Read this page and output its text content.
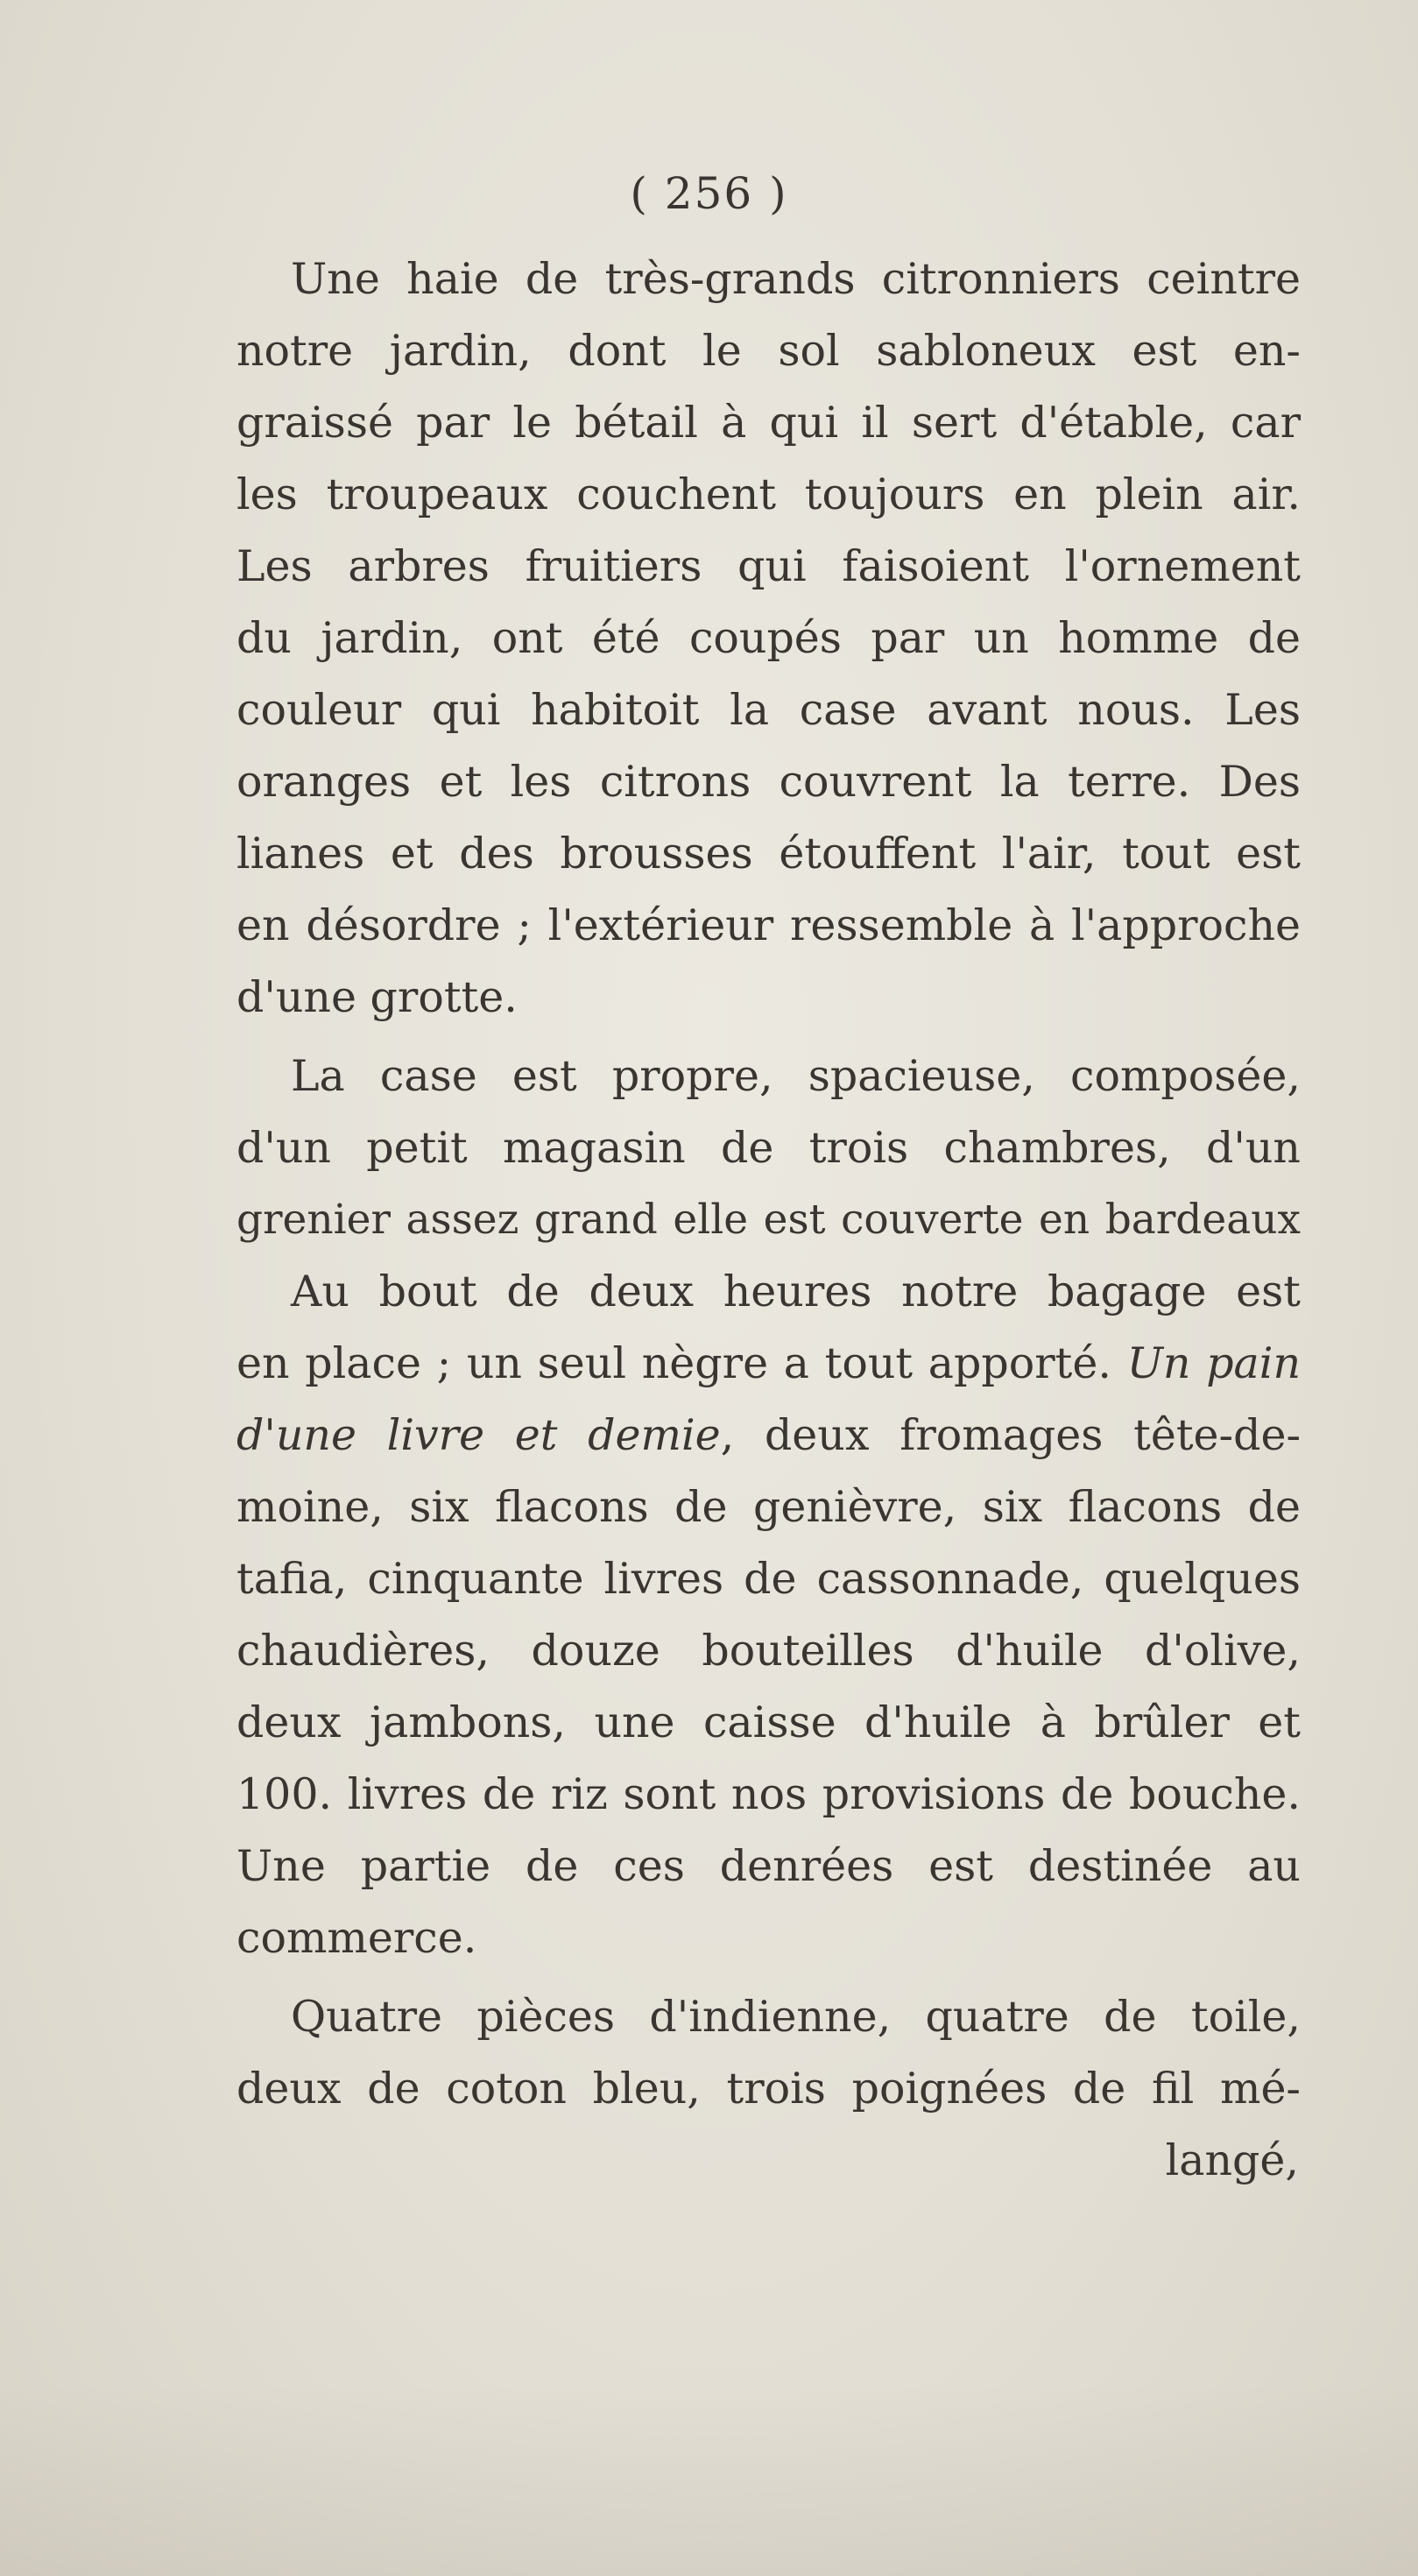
( 256 )
Une haie de très-grands citronniers ceintre
notre jardin, dont le sol sabloneux est en-
graissé par le bétail à qui il sert d'étable, car
les troupeaux couchent toujours en plein air.
Les arbres fruitiers qui faisoient l'ornement
du jardin, ont été coupés par un homme de
couleur qui habitoit la case avant nous. Les
oranges et les citrons couvrent la terre. Des
lianes et des brousses étouffent l'air, tout est
en désordre ; l'extérieur ressemble à l'approche
d'une grotte.
La case est propre, spacieuse, composée,
d'un petit magasin de trois chambres, d'un
grenier assez grand elle est couverte en bardeaux
Au bout de deux heures notre bagage est
en place ; un seul nègre a tout apporté. Un pain
d'une livre et demie, deux fromages tête-de-
moine, six flacons de genièvre, six flacons de
tafia, cinquante livres de cassonnade, quelques
chaudières, douze bouteilles d'huile d'olive,
deux jambons, une caisse d'huile à brûler et
100. livres de riz sont nos provisions de bouche.
Une partie de ces denrées est destinée au
commerce.
Quatre pièces d'indienne, quatre de toile,
deux de coton bleu, trois poignées de fil mé-
langé,
